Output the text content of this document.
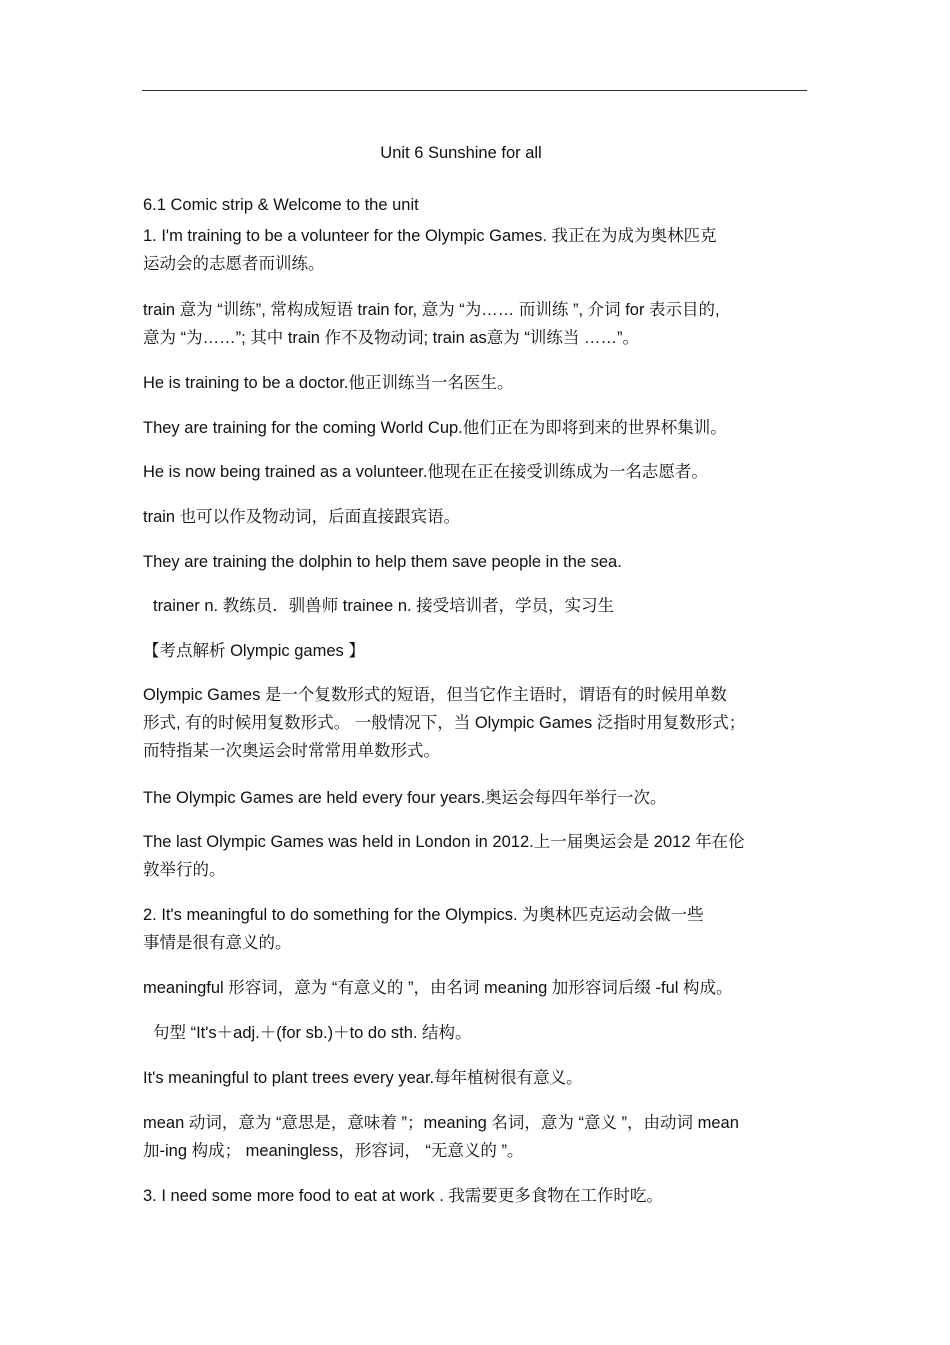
Unit 6 Sunshine for all
6.1 Comic strip & Welcome to the unit
1. I'm training to be a volunteer for the Olympic Games. 我正在为成为奥林匹克
运动会的志愿者而训练。
train 意为 “训练”, 常构成短语 train for, 意为 “为…… 而训练 ”, 介词 for 表示目的,
意为 “为……”; 其中 train 作不及物动词; train as意为 “训练当 ……”。
He is training to be a doctor.他正训练当一名医生。
They are training for the coming World Cup.他们正在为即将到来的世界杯集训。
He is now being trained as a volunteer.他现在正在接受训练成为一名志愿者。
train 也可以作及物动词，后面直接跟宾语。
They are training the dolphin to help them save people in the sea.
trainer n. 教练员．驯兽师 trainee n. 接受培训者，学员，实习生
【考点解析 Olympic games 】
Olympic Games 是一个复数形式的短语，但当它作主语时，谓语有的时候用单数
形式, 有的时候用复数形式。 一般情况下，当 Olympic Games 泛指时用复数形式；
而特指某一次奥运会时常常用单数形式。
The Olympic Games are held every four years.奥运会每四年举行一次。
The last Olympic Games was held in London in 2012.上一届奥运会是 2012 年在伦
敦举行的。
2. It's meaningful to do something for the Olympics. 为奥林匹克运动会做一些
事情是很有意义的。
meaningful 形容词，意为 “有意义的 ”，由名词 meaning 加形容词后缀 -ful 构成。
句型 “It's＋adj.＋(for sb.)＋to do sth. 结构。
It's meaningful to plant trees every year.每年植树很有意义。
mean 动词，意为 “意思是，意味着 ”；meaning 名词，意为 “意义 ”，由动词 mean
加-ing 构成； meaningless，形容词， “无意义的 ”。
3. I need some more food to eat at work . 我需要更多食物在工作时吃。
